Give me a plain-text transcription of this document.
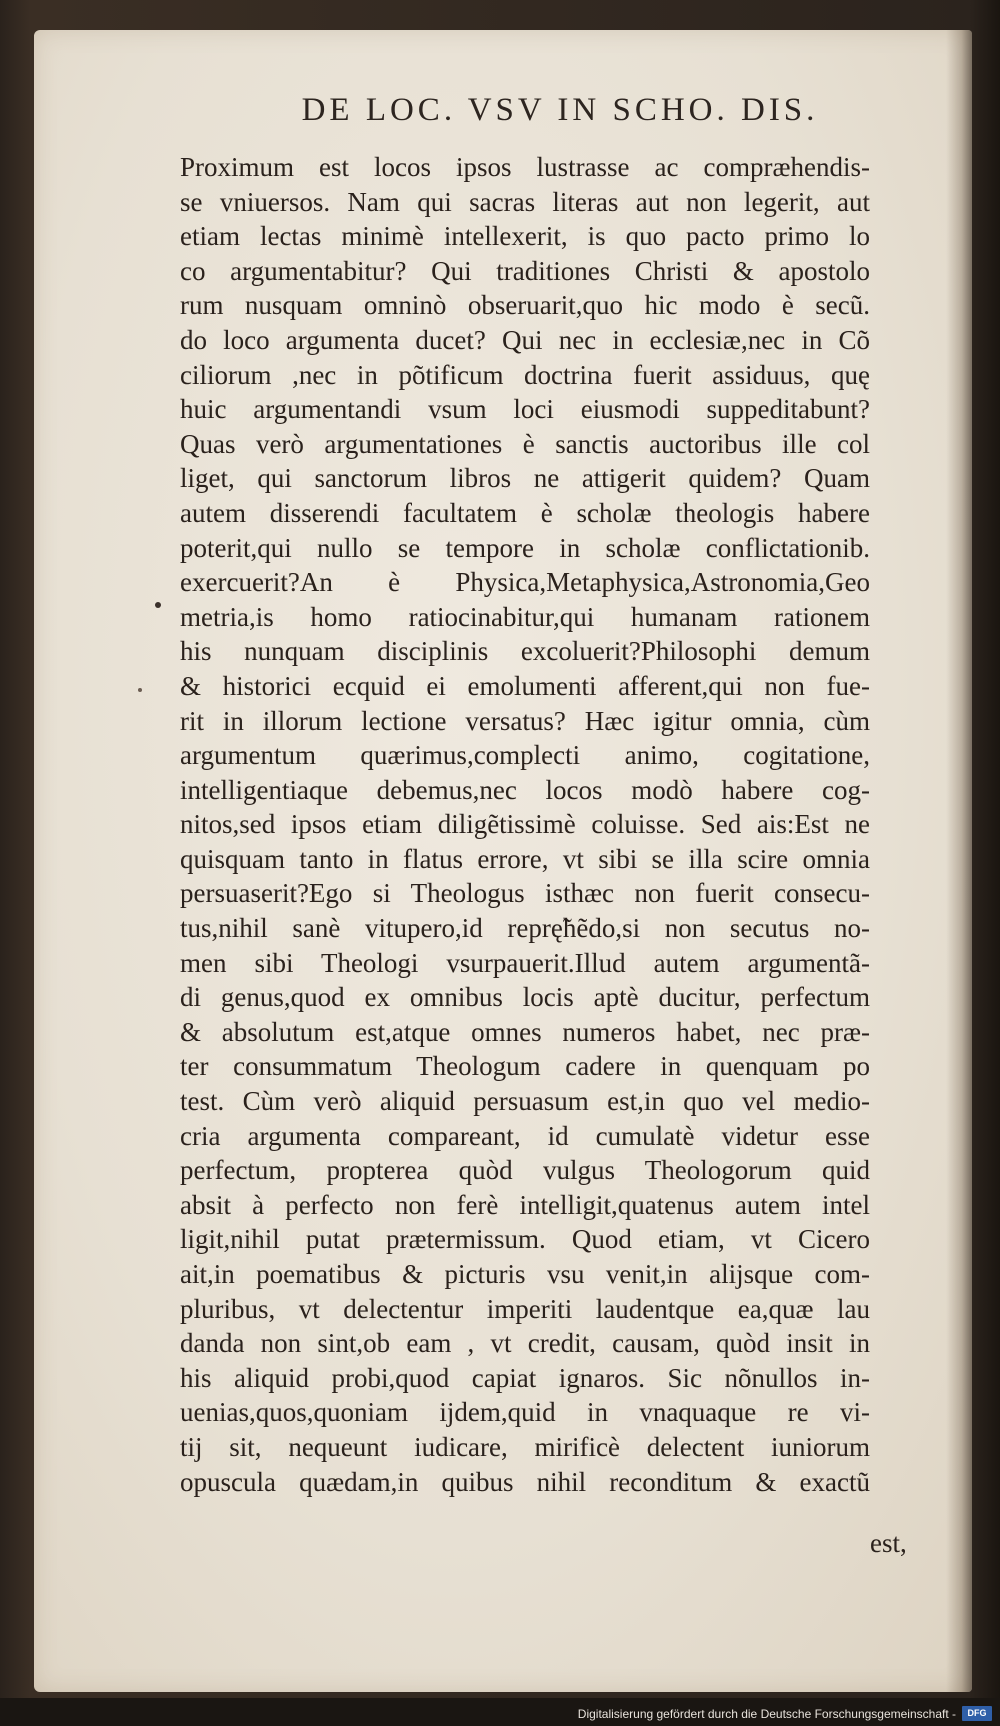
DE LOC. VSV IN SCHO. DIS.
Proximum est locos ipsos lustrasse ac compræhendis-
se vniuersos. Nam qui sacras literas aut non legerit, aut
etiam lectas minimè intellexerit, is quo pacto primo lo
co argumentabitur? Qui traditiones Christi & apostolo
rum nusquam omninò obseruarit,quo hic modo è secũ.
do loco argumenta ducet? Qui nec in ecclesiæ,nec in Cõ
ciliorum ,nec in põtificum doctrina fuerit assiduus, quę
huic argumentandi vsum loci eiusmodi suppeditabunt?
Quas verò argumentationes è sanctis auctoribus ille col
liget, qui sanctorum libros ne attigerit quidem? Quam
autem disserendi facultatem è scholæ theologis habere
poterit,qui nullo se tempore in scholæ conflictationib.
exercuerit?An è Physica,Metaphysica,Astronomia,Geo
metria,is homo ratiocinabitur,qui humanam rationem
his nunquam disciplinis excoluerit?Philosophi demum
& historici ecquid ei emolumenti afferent,qui non fue-
rit in illorum lectione versatus? Hæc igitur omnia, cùm
argumentum quærimus,complecti animo, cogitatione,
intelligentiaque debemus,nec locos modò habere cog-
nitos,sed ipsos etiam diligẽtissimè coluisse. Sed ais:Est ne
quisquam tanto in flatus errore, vt sibi se illa scire omnia
persuaserit?Ego si Theologus isthæc non fuerit consecu-
tus,nihil sanè vitupero,id reprę̃hẽdo,si non secutus no-
men sibi Theologi vsurpauerit.Illud autem argumentã-
di genus,quod ex omnibus locis aptè ducitur, perfectum
& absolutum est,atque omnes numeros habet, nec præ-
ter consummatum Theologum cadere in quenquam po
test. Cùm verò aliquid persuasum est,in quo vel medio-
cria argumenta compareant, id cumulatè videtur esse
perfectum, propterea quòd vulgus Theologorum quid
absit à perfecto non ferè intelligit,quatenus autem intel
ligit,nihil putat prætermissum. Quod etiam, vt Cicero
ait,in poematibus & picturis vsu venit,in alijsque com-
pluribus, vt delectentur imperiti laudentque ea,quæ lau
danda non sint,ob eam , vt credit, causam, quòd insit in
his aliquid probi,quod capiat ignaros. Sic nõnullos in-
uenias,quos,quoniam ijdem,quid in vnaquaque re vi-
tij sit, nequeunt iudicare, mirificè delectent iuniorum
opuscula quædam,in quibus nihil reconditum & exactũ
est,
Digitalisierung gefördert durch die Deutsche Forschungsgemeinschaft -	DFG
